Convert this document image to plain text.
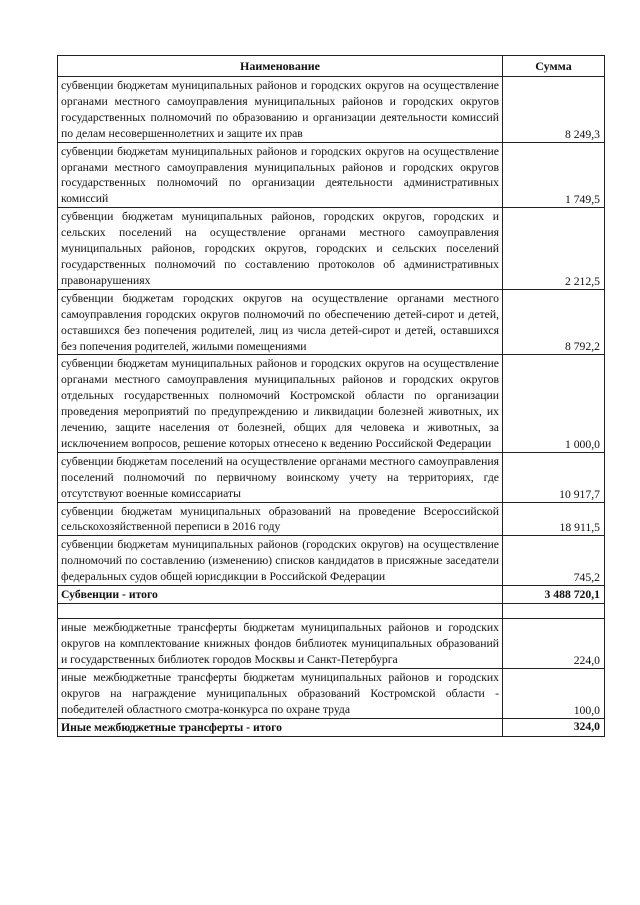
Наименование	Сумма
субвенции бюджетам муниципальных районов и городских округов на осуществление органами местного самоуправления муниципальных районов и городских округов государственных полномочий по образованию и организации деятельности комиссий по делам несовершеннолетних и защите их прав	8 249,3
субвенции бюджетам муниципальных районов и городских округов на осуществление органами местного самоуправления муниципальных районов и городских округов государственных полномочий по организации деятельности административных комиссий	1 749,5
субвенции бюджетам муниципальных районов, городских округов, городских и сельских поселений на осуществление органами местного самоуправления муниципальных районов, городских округов, городских и сельских поселений государственных полномочий по составлению протоколов об административных правонарушениях	2 212,5
субвенции бюджетам городских округов на осуществление органами местного самоуправления городских округов полномочий по обеспечению детей-сирот и детей, оставшихся без попечения родителей, лиц из числа детей-сирот и детей, оставшихся без попечения родителей, жилыми помещениями	8 792,2
субвенции бюджетам муниципальных районов и городских округов на осуществление органами местного самоуправления муниципальных районов и городских округов отдельных государственных полномочий Костромской области по организации проведения мероприятий по предупреждению и ликвидации болезней животных, их лечению, защите населения от болезней, общих для человека и животных, за исключением вопросов, решение которых отнесено к ведению Российской Федерации	1 000,0
субвенции бюджетам поселений на осуществление органами местного самоуправления поселений полномочий по первичному воинскому учету на территориях, где отсутствуют военные комиссариаты	10 917,7
субвенции бюджетам муниципальных образований на проведение Всероссийской сельскохозяйственной переписи в 2016 году	18 911,5
субвенции бюджетам муниципальных районов (городских округов) на осуществление полномочий по составлению (изменению) списков кандидатов в присяжные заседатели федеральных судов общей юрисдикции в Российской Федерации	745,2
Субвенции - итого	3 488 720,1

иные межбюджетные трансферты бюджетам муниципальных районов и городских округов на комплектование книжных фондов библиотек муниципальных образований и государственных библиотек городов Москвы и Санкт-Петербурга	224,0
иные межбюджетные трансферты бюджетам муниципальных районов и городских округов на награждение муниципальных образований Костромской области - победителей областного смотра-конкурса по охране труда	100,0
Иные межбюджетные трансферты - итого	324,0
